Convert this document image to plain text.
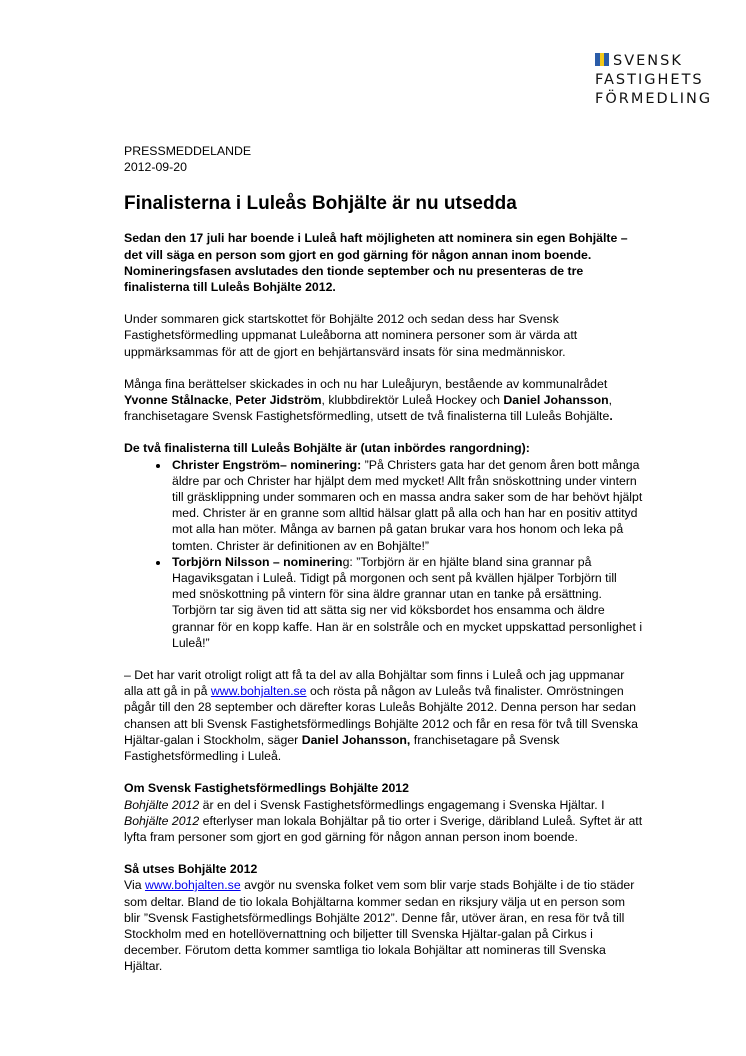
SVENSK
FASTIGHETS
FÖRMEDLING
PRESSMEDDELANDE
2012-09-20
Finalisterna i Luleås Bohjälte är nu utsedda

Sedan den 17 juli har boende i Luleå haft möjligheten att nominera sin egen Bohjälte – det vill säga en person som gjort en god gärning för någon annan inom boende. Nomineringsfasen avslutades den tionde september och nu presenteras de tre finalisterna till Luleås Bohjälte 2012.

Under sommaren gick startskottet för Bohjälte 2012 och sedan dess har Svensk Fastighetsförmedling uppmanat Luleåborna att nominera personer som är värda att uppmärksammas för att de gjort en behjärtansvärd insats för sina medmänniskor.

Många fina berättelser skickades in och nu har Luleåjuryn, bestående av kommunalrådet Yvonne Stålnacke, Peter Jidström, klubbdirektör Luleå Hockey och Daniel Johansson, franchisetagare Svensk Fastighetsförmedling, utsett de två finalisterna till Luleås Bohjälte.

De två finalisterna till Luleås Bohjälte är (utan inbördes rangordning):
• Christer Engström– nominering: ”På Christers gata har det genom åren bott många äldre par och Christer har hjälpt dem med mycket! Allt från snöskottning under vintern till gräsklippning under sommaren och en massa andra saker som de har behövt hjälpt med. Christer är en granne som alltid hälsar glatt på alla och han har en positiv attityd mot alla han möter. Många av barnen på gatan brukar vara hos honom och leka på tomten. Christer är definitionen av en Bohjälte!”
• Torbjörn Nilsson – nominering: ”Torbjörn är en hjälte bland sina grannar på Hagaviksgatan i Luleå. Tidigt på morgonen och sent på kvällen hjälper Torbjörn till med snöskottning på vintern för sina äldre grannar utan en tanke på ersättning. Torbjörn tar sig även tid att sätta sig ner vid köksbordet hos ensamma och äldre grannar för en kopp kaffe. Han är en solstråle och en mycket uppskattad personlighet i Luleå!”

– Det har varit otroligt roligt att få ta del av alla Bohjältar som finns i Luleå och jag uppmanar alla att gå in på www.bohjalten.se och rösta på någon av Luleås två finalister. Omröstningen pågår till den 28 september och därefter koras Luleås Bohjälte 2012. Denna person har sedan chansen att bli Svensk Fastighetsförmedlings Bohjälte 2012 och får en resa för två till Svenska Hjältar-galan i Stockholm, säger Daniel Johansson, franchisetagare på Svensk Fastighetsförmedling i Luleå.

Om Svensk Fastighetsförmedlings Bohjälte 2012

Bohjälte 2012 är en del i Svensk Fastighetsförmedlings engagemang i Svenska Hjältar. I Bohjälte 2012 efterlyser man lokala Bohjältar på tio orter i Sverige, däribland Luleå. Syftet är att lyfta fram personer som gjort en god gärning för någon annan person inom boende.

Så utses Bohjälte 2012

Via www.bohjalten.se avgör nu svenska folket vem som blir varje stads Bohjälte i de tio städer som deltar. Bland de tio lokala Bohjältarna kommer sedan en riksjury välja ut en person som blir ”Svensk Fastighetsförmedlings Bohjälte 2012”. Denne får, utöver äran, en resa för två till Stockholm med en hotellövernattning och biljetter till Svenska Hjältar-galan på Cirkus i december. Förutom detta kommer samtliga tio lokala Bohjältar att nomineras till Svenska Hjältar.
